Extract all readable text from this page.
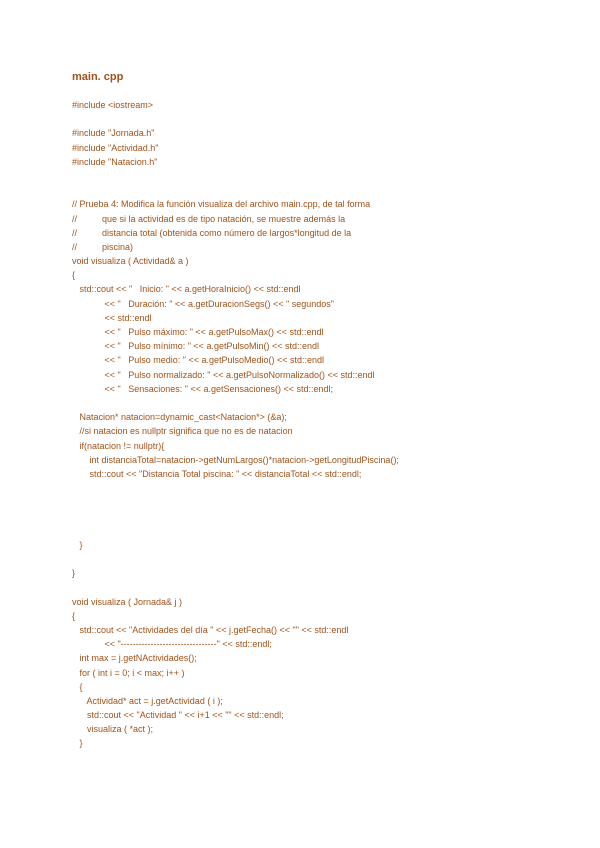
main. cpp
#include <iostream>
#include "Jornada.h"
#include "Actividad.h"
#include "Natacion.h"
// Prueba 4: Modifica la función visualiza del archivo main.cpp, de tal forma
//          que si la actividad es de tipo natación, se muestre además la
//          distancia total (obtenida como número de largos*longitud de la
//          piscina)
void visualiza ( Actividad& a )
{
std::cout << "   Inicio: " << a.getHoraInicio() << std::endl
<< "   Duración: " << a.getDuracionSegs() << " segundos"
<< std::endl
<< "   Pulso máximo: " << a.getPulsoMax() << std::endl
<< "   Pulso mínimo: " << a.getPulsoMin() << std::endl
<< "   Pulso medio: " << a.getPulsoMedio() << std::endl
<< "   Pulso normalizado: " << a.getPulsoNormalizado() << std::endl
<< "   Sensaciones: " << a.getSensaciones() << std::endl;
Natacion* natacion=dynamic_cast<Natacion*> (&a);
//si natacion es nullptr significa que no es de natacion
if(natacion != nullptr){
int distanciaTotal=natacion->getNumLargos()*natacion->getLongitudPiscina();
std::cout << "Distancia Total piscina: " << distanciaTotal << std::endl;
}
}
void visualiza ( Jornada& j )
{
std::cout << "Actividades del día " << j.getFecha() << "" << std::endl
<< "--------------------------------" << std::endl;
int max = j.getNActividades();
for ( int i = 0; i < max; i++ )
{
Actividad* act = j.getActividad ( i );
std::cout << "Actividad " << i+1 << "" << std::endl;
visualiza ( *act );
}
